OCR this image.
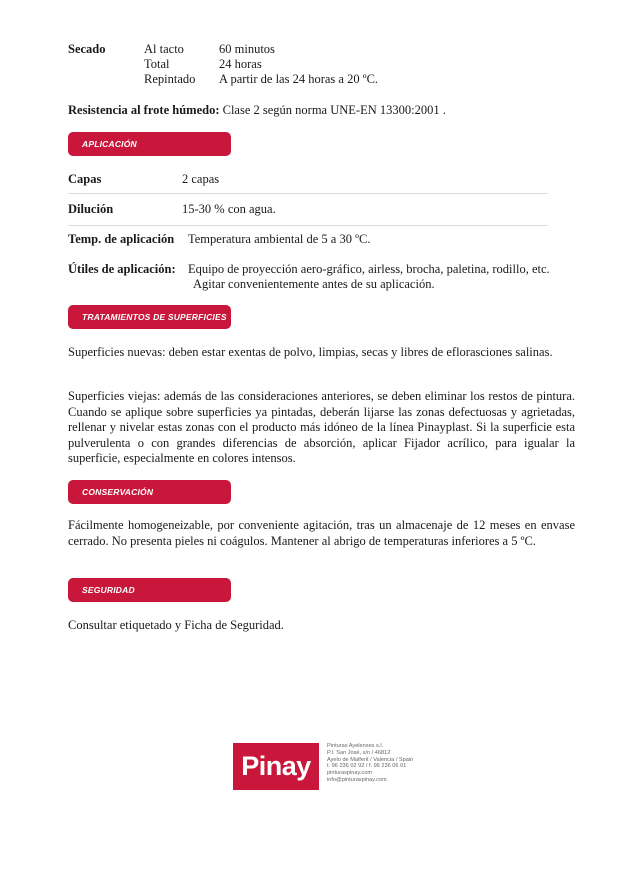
Secado	Al tacto	60 minutos
Total	24 horas
Repintado A partir de las 24 horas a 20 ºC.
Resistencia al frote húmedo: Clase 2 según norma UNE-EN 13300:2001 .
APLICACIÓN
Capas	2 capas
Dilución	15-30 % con agua.
Temp. de aplicación Temperatura ambiental de 5 a 30 ºC.
Útiles de aplicación: Equipo de proyección aero-gráfico, airless, brocha, paletina, rodillo, etc.
Agitar convenientemente antes de su aplicación.
TRATAMIENTOS DE SUPERFICIES
Superficies nuevas: deben estar exentas de polvo, limpias, secas y libres de eflorasciones salinas.
Superficies viejas: además de las consideraciones anteriores, se deben eliminar los restos de pintura. Cuando se aplique sobre superficies ya pintadas, deberán lijarse las zonas defectuosas y agrietadas, rellenar y nivelar estas zonas con el producto más idóneo de la línea Pinayplast. Si la superficie esta pulverulenta o con grandes diferencias de absorción, aplicar Fijador acrílico, para igualar la superficie, especialmente en colores intensos.
CONSERVACIÓN
Fácilmente homogeneizable, por conveniente agitación, tras un almacenaje de 12 meses en envase cerrado. No presenta pieles ni coágulos. Mantener al abrigo de temperaturas inferiores a 5 ºC.
SEGURIDAD
Consultar etiquetado y Ficha de Seguridad.
Pinay
Pinturas Ayelenses s.l.
P.I. San José, s/n / 46812
Ayelo de Malferit / Valencia / Spain
t. 96 236 02 92 / f. 96 236 06 01
pinturaspinay.com
info@pinturaspinay.com
